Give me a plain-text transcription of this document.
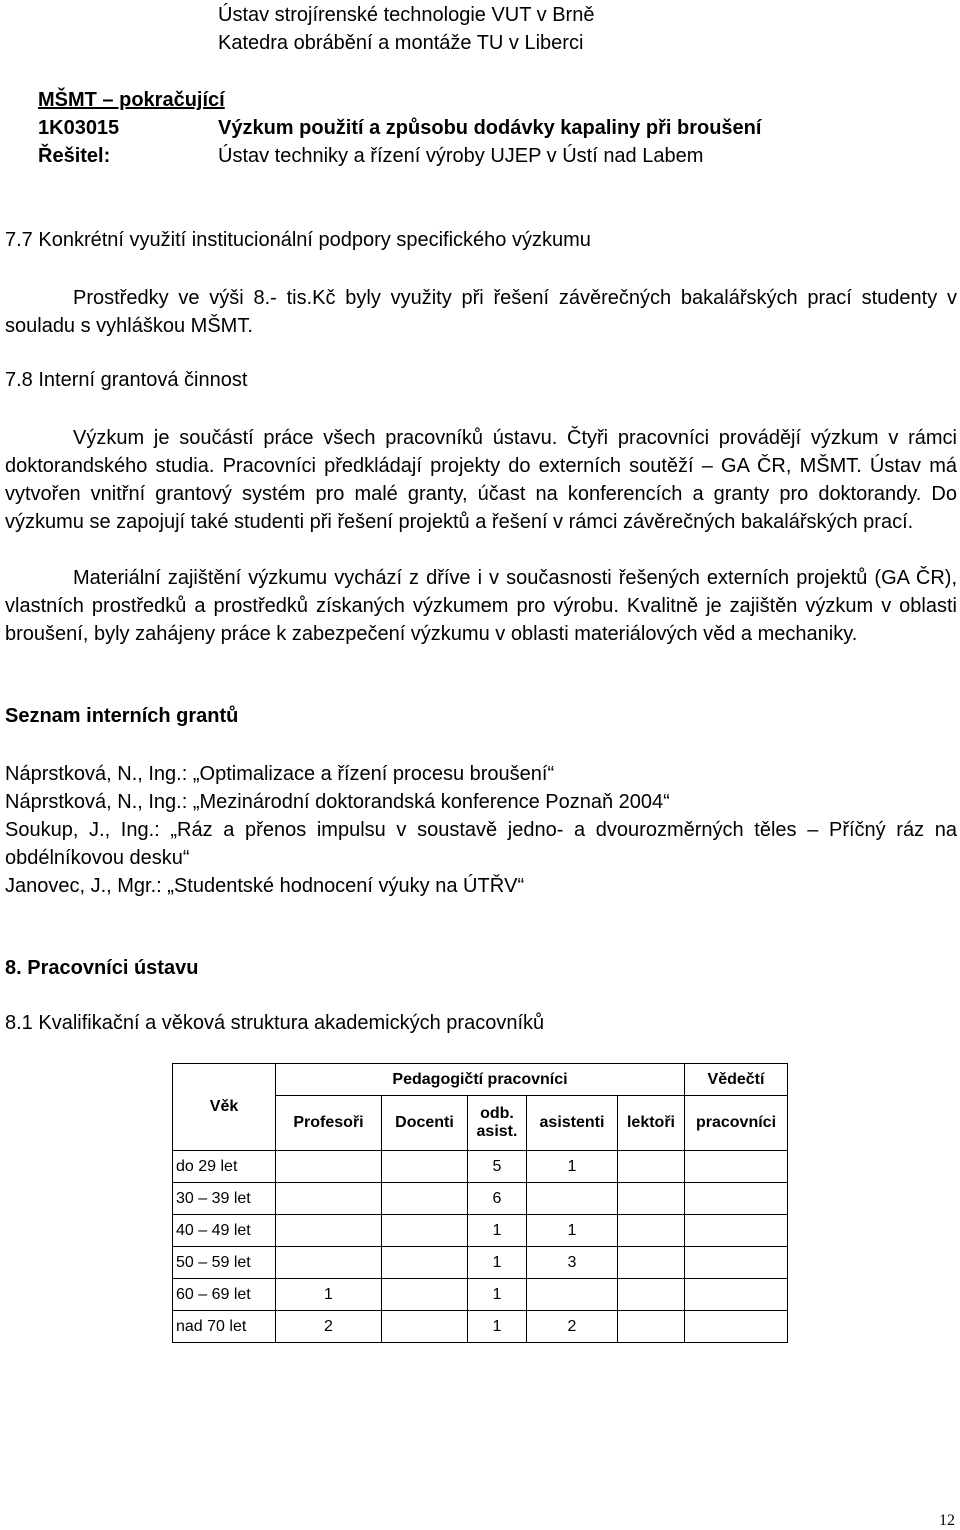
Ústav strojírenské technologie VUT v Brně
Katedra obrábění a montáže TU v Liberci
MŠMT – pokračující
1K03015	Výzkum použití a způsobu dodávky kapaliny při broušení
Řešitel:	Ústav techniky a řízení výroby UJEP v Ústí nad Labem
7.7 Konkrétní využití institucionální podpory specifického výzkumu
Prostředky ve výši 8.- tis.Kč byly využity při řešení závěrečných bakalářských prací studenty v souladu s vyhláškou MŠMT.
7.8 Interní grantová činnost
Výzkum je součástí práce všech pracovníků ústavu. Čtyři pracovníci provádějí výzkum v rámci doktorandského studia. Pracovníci předkládají projekty do externích soutěží – GA ČR, MŠMT. Ústav má vytvořen vnitřní grantový systém pro malé granty, účast na konferencích a granty pro doktorandy. Do výzkumu se zapojují také studenti při řešení projektů a řešení v rámci závěrečných bakalářských prací.
Materiální zajištění výzkumu vychází z dříve i v současnosti řešených externích projektů (GA ČR), vlastních prostředků a prostředků získaných výzkumem pro výrobu. Kvalitně je zajištěn výzkum v oblasti broušení, byly zahájeny práce k zabezpečení výzkumu v oblasti materiálových věd a mechaniky.
Seznam interních grantů
Náprstková, N., Ing.: „Optimalizace a řízení procesu broušení“
Náprstková, N., Ing.: „Mezinárodní doktorandská konference Poznaň 2004“
Soukup, J., Ing.: „Ráz a přenos impulsu v soustavě jedno- a dvourozměrných těles – Příčný ráz na obdélníkovou desku“
Janovec, J., Mgr.: „Studentské hodnocení výuky na ÚTŘV“
8. Pracovníci ústavu
8.1 Kvalifikační a věková struktura akademických pracovníků
Věk	Pedagogičtí pracovníci					Vědečtí
	Profesoři	Docenti	odb. asist.	asistenti	lektoři	pracovníci
do 29 let			5	1		
30 – 39 let			6			
40 – 49 let			1	1		
50 – 59 let			1	3		
60 – 69 let	1		1			
nad 70 let	2		1	2		
12
